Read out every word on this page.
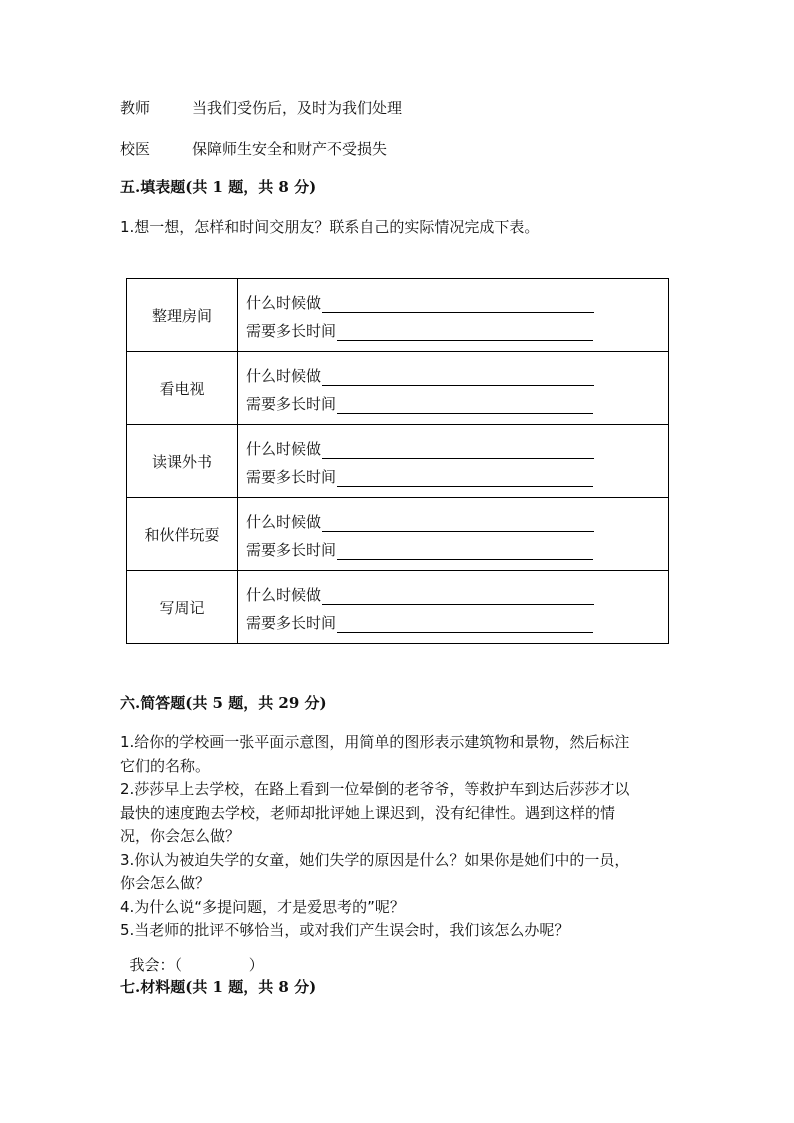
教师	当我们受伤后，及时为我们处理
校医	保障师生安全和财产不受损失
五.填表题(共 1 题，共 8 分)
1.想一想，怎样和时间交朋友？联系自己的实际情况完成下表。
整理房间	什么时候做
需要多长时间

看电视	什么时候做
需要多长时间

读课外书	什么时候做
需要多长时间

和伙伴玩耍	什么时候做
需要多长时间

写周记	什么时候做
需要多长时间
六.简答题(共 5 题，共 29 分)

1.给你的学校画一张平面示意图，用简单的图形表示建筑物和景物，然后标注

它们的名称。

2.莎莎早上去学校，在路上看到一位晕倒的老爷爷，等救护车到达后莎莎才以

最快的速度跑去学校，老师却批评她上课迟到，没有纪律性。遇到这样的情

况，你会怎么做？

3.你认为被迫失学的女童，她们失学的原因是什么？如果你是她们中的一员，

你会怎么做？

4.为什么说“多提问题，才是爱思考的”呢？

5.当老师的批评不够恰当，或对我们产生误会时，我们该怎么办呢？

我会：（              ）

七.材料题(共 1 题，共 8 分)
